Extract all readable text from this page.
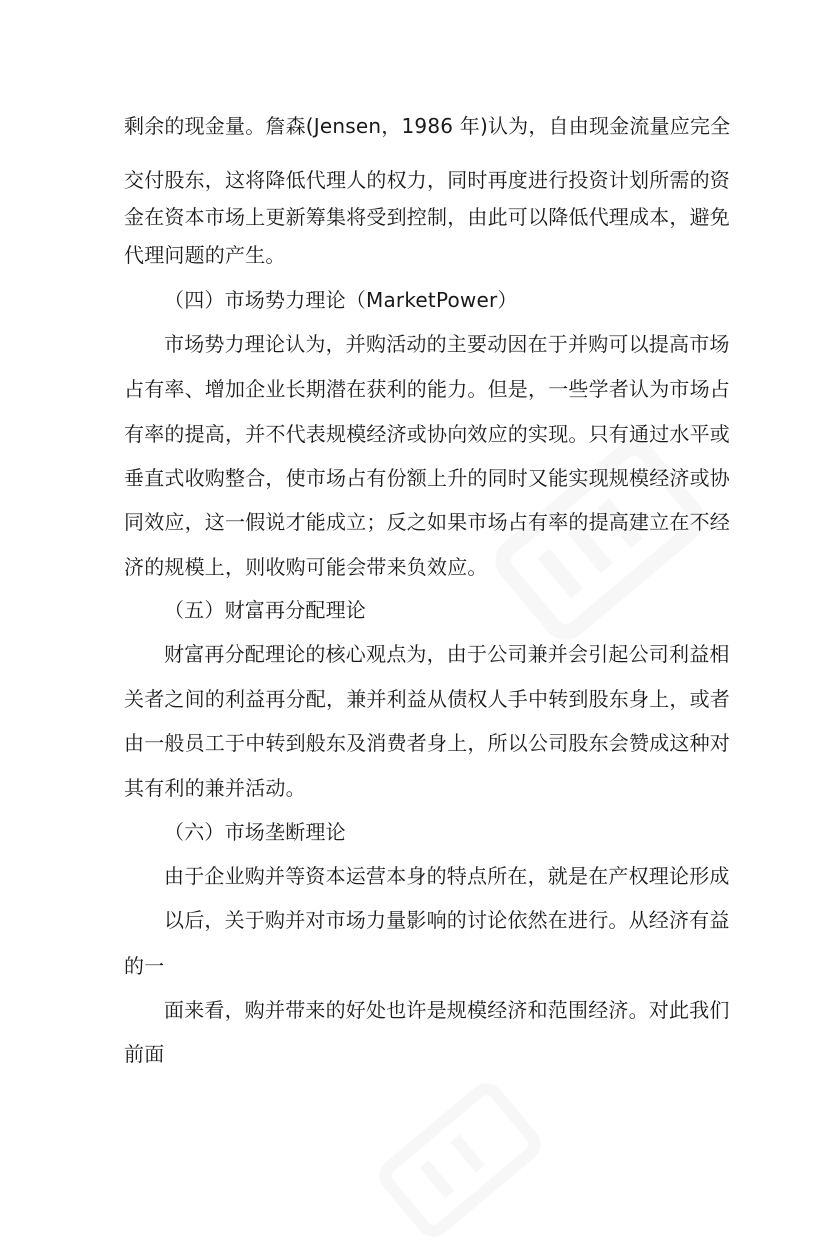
剩余的现金量。詹森(Jensen，1986 年)认为，自由现金流量应完全
交付股东，这将降低代理人的权力，同时再度进行投资计划所需的资
金在资本市场上更新筹集将受到控制，由此可以降低代理成本，避免
代理问题的产生。
（四）市场势力理论（MarketPower）
市场势力理论认为，并购活动的主要动因在于并购可以提高市场
占有率、增加企业长期潜在获利的能力。但是，一些学者认为市场占
有率的提高，并不代表规模经济或协向效应的实现。只有通过水平或
垂直式收购整合，使市场占有份额上升的同时又能实现规模经济或协
同效应，这一假说才能成立；反之如果市场占有率的提高建立在不经
济的规模上，则收购可能会带来负效应。
（五）财富再分配理论
财富再分配理论的核心观点为，由于公司兼并会引起公司利益相
关者之间的利益再分配，兼并利益从债权人手中转到股东身上，或者
由一般员工于中转到般东及消费者身上，所以公司股东会赞成这种对
其有利的兼并活动。
（六）市场垄断理论
由于企业购并等资本运营本身的特点所在，就是在产权理论形成
以后，关于购并对市场力量影响的讨论依然在进行。从经济有益
的一
面来看，购并带来的好处也许是规模经济和范围经济。对此我们
前面
